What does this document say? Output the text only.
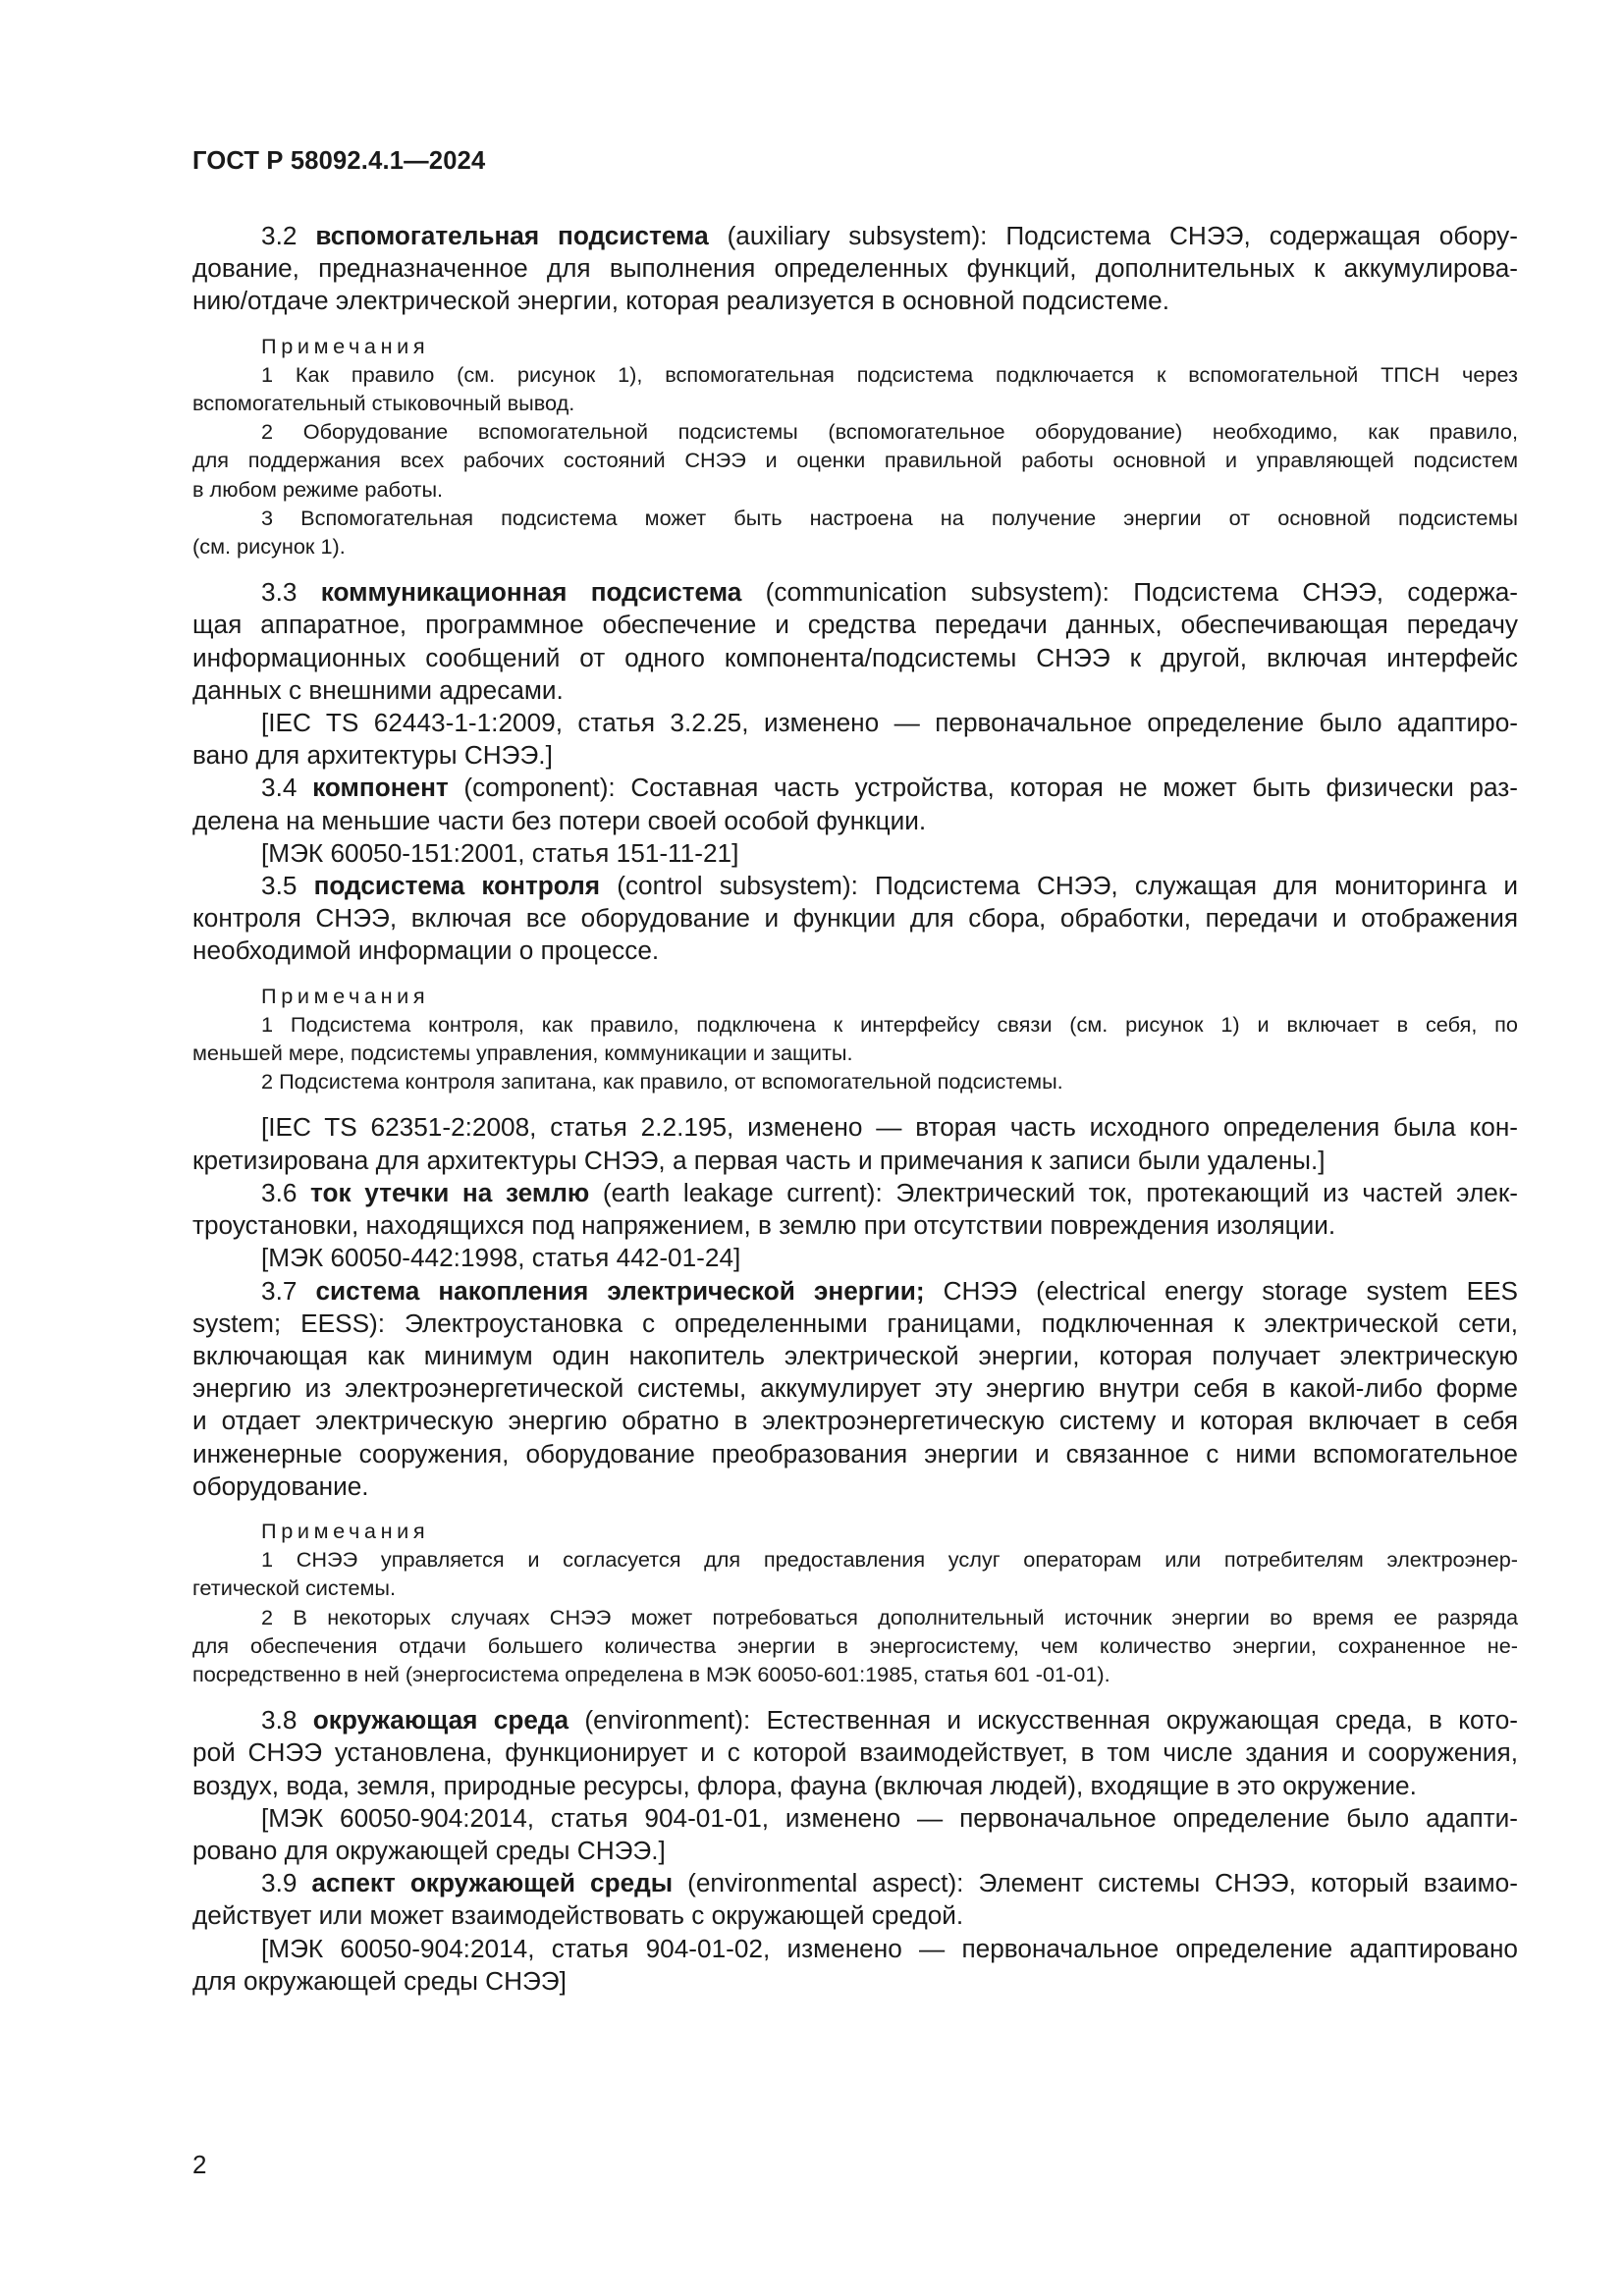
ГОСТ Р 58092.4.1—2024
3.2 вспомогательная подсистема (auxiliary subsystem): Подсистема СНЭЭ, содержащая обору-
дование, предназначенное для выполнения определенных функций, дополнительных к аккумулирова-
нию/отдаче электрической энергии, которая реализуется в основной подсистеме.
Примечания
1 Как правило (см. рисунок 1), вспомогательная подсистема подключается к вспомогательной ТПСН через
вспомогательный стыковочный вывод.
2 Оборудование вспомогательной подсистемы (вспомогательное оборудование) необходимо, как правило,
для поддержания всех рабочих состояний СНЭЭ и оценки правильной работы основной и управляющей подсистем
в любом режиме работы.
3 Вспомогательная подсистема может быть настроена на получение энергии от основной подсистемы
(см. рисунок 1).
3.3 коммуникационная подсистема (communication subsystem): Подсистема СНЭЭ, содержа-
щая аппаратное, программное обеспечение и средства передачи данных, обеспечивающая передачу
информационных сообщений от одного компонента/подсистемы СНЭЭ к другой, включая интерфейс
данных с внешними адресами.
[IEC TS 62443-1-1:2009, статья 3.2.25, изменено — первоначальное определение было адаптиро-
вано для архитектуры СНЭЭ.]
3.4 компонент (component): Составная часть устройства, которая не может быть физически раз-
делена на меньшие части без потери своей особой функции.
[МЭК 60050-151:2001, статья 151-11-21]
3.5 подсистема контроля (control subsystem): Подсистема СНЭЭ, служащая для мониторинга и
контроля СНЭЭ, включая все оборудование и функции для сбора, обработки, передачи и отображения
необходимой информации о процессе.
Примечания
1 Подсистема контроля, как правило, подключена к интерфейсу связи (см. рисунок 1) и включает в себя, по
меньшей мере, подсистемы управления, коммуникации и защиты.
2 Подсистема контроля запитана, как правило, от вспомогательной подсистемы.
[IEC TS 62351-2:2008, статья 2.2.195, изменено — вторая часть исходного определения была кон-
кретизирована для архитектуры СНЭЭ, а первая часть и примечания к записи были удалены.]
3.6 ток утечки на землю (earth leakage current): Электрический ток, протекающий из частей элек-
троустановки, находящихся под напряжением, в землю при отсутствии повреждения изоляции.
[МЭК 60050-442:1998, статья 442-01-24]
3.7 система накопления электрической энергии; СНЭЭ (electrical energy storage system EES
system; EESS): Электроустановка с определенными границами, подключенная к электрической сети,
включающая как минимум один накопитель электрической энергии, которая получает электрическую
энергию из электроэнергетической системы, аккумулирует эту энергию внутри себя в какой-либо форме
и отдает электрическую энергию обратно в электроэнергетическую систему и которая включает в себя
инженерные сооружения, оборудование преобразования энергии и связанное с ними вспомогательное
оборудование.
Примечания
1 СНЭЭ управляется и согласуется для предоставления услуг операторам или потребителям электроэнер-
гетической системы.
2 В некоторых случаях СНЭЭ может потребоваться дополнительный источник энергии во время ее разряда
для обеспечения отдачи большего количества энергии в энергосистему, чем количество энергии, сохраненное не-
посредственно в ней (энергосистема определена в МЭК 60050-601:1985, статья 601 -01-01).
3.8 окружающая среда (environment): Естественная и искусственная окружающая среда, в кото-
рой СНЭЭ установлена, функционирует и с которой взаимодействует, в том числе здания и сооружения,
воздух, вода, земля, природные ресурсы, флора, фауна (включая людей), входящие в это окружение.
[МЭК 60050-904:2014, статья 904-01-01, изменено — первоначальное определение было адапти-
ровано для окружающей среды СНЭЭ.]
3.9 аспект окружающей среды (environmental aspect): Элемент системы СНЭЭ, который взаимо-
действует или может взаимодействовать с окружающей средой.
[МЭК 60050-904:2014, статья 904-01-02, изменено — первоначальное определение адаптировано
для окружающей среды СНЭЭ]
2
